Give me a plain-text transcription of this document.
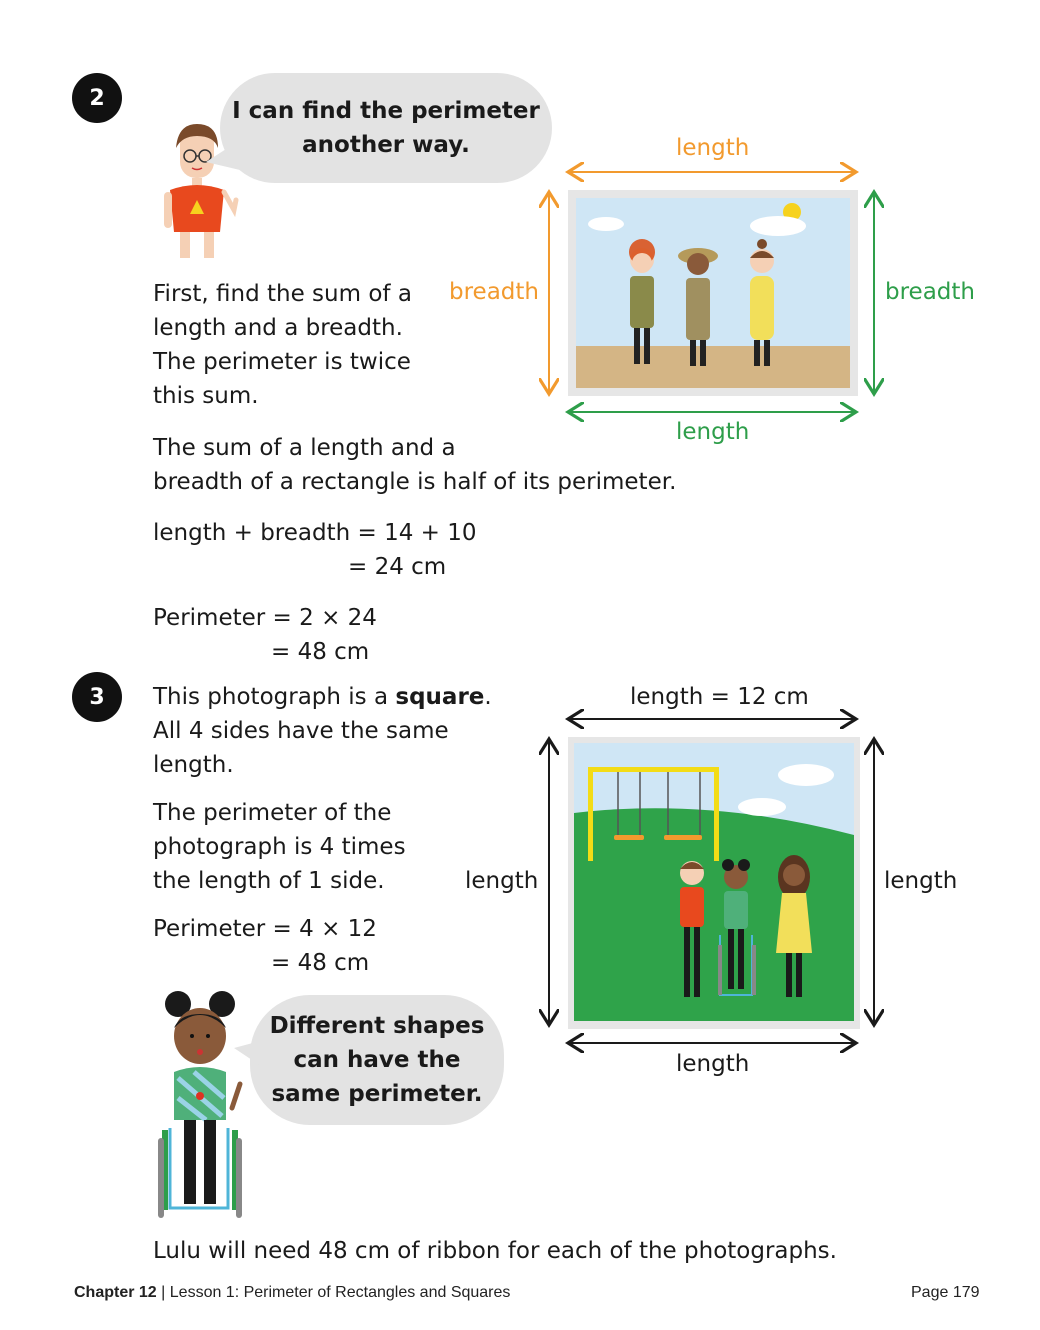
2	I can find the perimeter
another way.

First, find the sum of a

length and a breadth.

The perimeter is twice

this sum.

The sum of a length and a

breadth of a rectangle is half of its perimeter.

length + breadth = 14 + 10
= 24 cm
Perimeter = 2 × 24
= 48 cm
length
breadth	breadth
length
3	This photograph is a square.

All 4 sides have the same

length.

The perimeter of the

photograph is 4 times

the length of 1 side.

Perimeter = 4 × 12
= 48 cm
Different shapes
can have the
same perimeter.
length = 12 cm
length	length
length
Lulu will need 48 cm of ribbon for each of the photographs.
Chapter 12 | Lesson 1: Perimeter of Rectangles and Squares	Page 179
